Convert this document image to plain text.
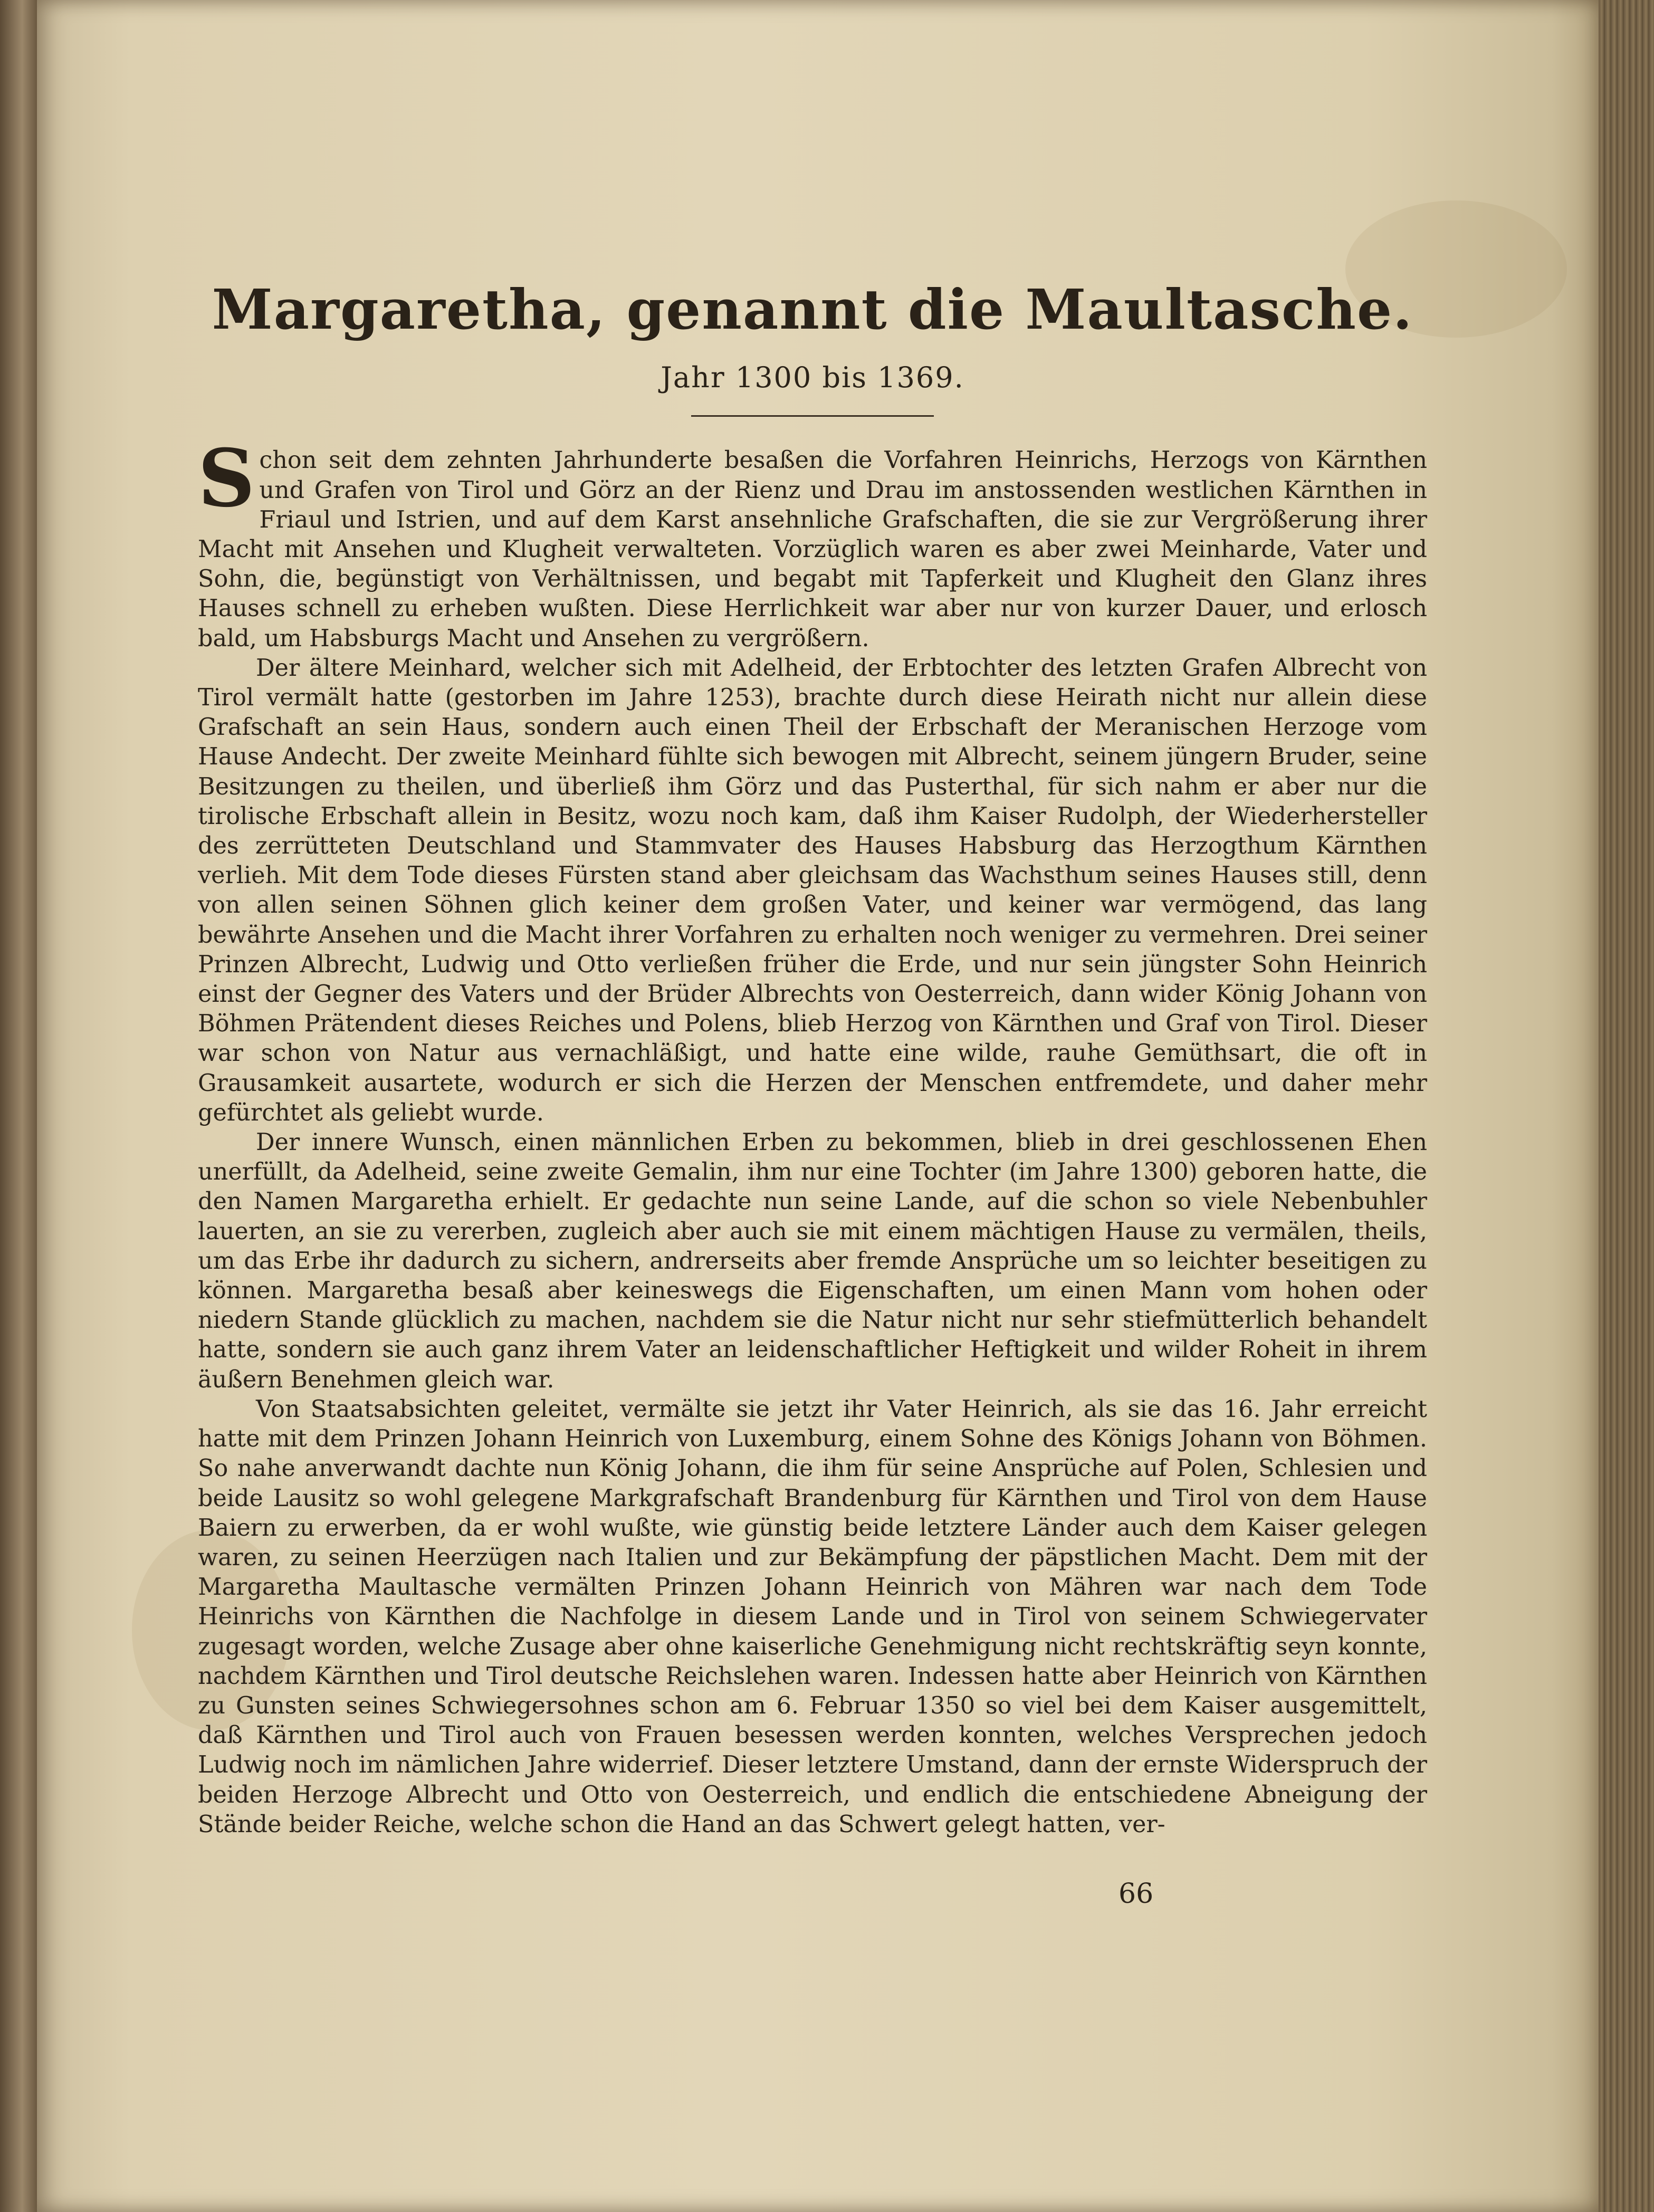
Margaretha, genannt die Maultasche.
Jahr 1300 bis 1369.

Schon seit dem zehnten Jahrhunderte besaßen die Vorfahren Heinrichs, Herzogs von Kärnthen und Grafen von Tirol und Görz an der Rienz und Drau im anstossenden westlichen Kärnthen in Friaul und Istrien, und auf dem Karst ansehnliche Grafschaften, die sie zur Vergrößerung ihrer Macht mit Ansehen und Klugheit verwalteten. Vorzüglich waren es aber zwei Meinharde, Vater und Sohn, die, begünstigt von Verhältnissen, und begabt mit Tapferkeit und Klugheit den Glanz ihres Hauses schnell zu erheben wußten. Diese Herrlichkeit war aber nur von kurzer Dauer, und erlosch bald, um Habsburgs Macht und Ansehen zu vergrößern.

Der ältere Meinhard, welcher sich mit Adelheid, der Erbtochter des letzten Grafen Albrecht von Tirol vermält hatte (gestorben im Jahre 1253), brachte durch diese Heirath nicht nur allein diese Grafschaft an sein Haus, sondern auch einen Theil der Erbschaft der Meranischen Herzoge vom Hause Andecht. Der zweite Meinhard fühlte sich bewogen mit Albrecht, seinem jüngern Bruder, seine Besitzungen zu theilen, und überließ ihm Görz und das Pusterthal, für sich nahm er aber nur die tirolische Erbschaft allein in Besitz, wozu noch kam, daß ihm Kaiser Rudolph, der Wiederhersteller des zerrütteten Deutschland und Stammvater des Hauses Habsburg das Herzogthum Kärnthen verlieh. Mit dem Tode dieses Fürsten stand aber gleichsam das Wachsthum seines Hauses still, denn von allen seinen Söhnen glich keiner dem großen Vater, und keiner war vermögend, das lang bewährte Ansehen und die Macht ihrer Vorfahren zu erhalten noch weniger zu vermehren. Drei seiner Prinzen Albrecht, Ludwig und Otto verließen früher die Erde, und nur sein jüngster Sohn Heinrich einst der Gegner des Vaters und der Brüder Albrechts von Oesterreich, dann wider König Johann von Böhmen Prätendent dieses Reiches und Polens, blieb Herzog von Kärnthen und Graf von Tirol. Dieser war schon von Natur aus vernachläßigt, und hatte eine wilde, rauhe Gemüthsart, die oft in Grausamkeit ausartete, wodurch er sich die Herzen der Menschen entfremdete, und daher mehr gefürchtet als geliebt wurde.

Der innere Wunsch, einen männlichen Erben zu bekommen, blieb in drei geschlossenen Ehen unerfüllt, da Adelheid, seine zweite Gemalin, ihm nur eine Tochter (im Jahre 1300) geboren hatte, die den Namen Margaretha erhielt. Er gedachte nun seine Lande, auf die schon so viele Nebenbuhler lauerten, an sie zu vererben, zugleich aber auch sie mit einem mächtigen Hause zu vermälen, theils, um das Erbe ihr dadurch zu sichern, andrerseits aber fremde Ansprüche um so leichter beseitigen zu können. Margaretha besaß aber keineswegs die Eigenschaften, um einen Mann vom hohen oder niedern Stande glücklich zu machen, nachdem sie die Natur nicht nur sehr stiefmütterlich behandelt hatte, sondern sie auch ganz ihrem Vater an leidenschaftlicher Heftigkeit und wilder Roheit in ihrem äußern Benehmen gleich war.

Von Staatsabsichten geleitet, vermälte sie jetzt ihr Vater Heinrich, als sie das 16. Jahr erreicht hatte mit dem Prinzen Johann Heinrich von Luxemburg, einem Sohne des Königs Johann von Böhmen. So nahe anverwandt dachte nun König Johann, die ihm für seine Ansprüche auf Polen, Schlesien und beide Lausitz so wohl gelegene Markgrafschaft Brandenburg für Kärnthen und Tirol von dem Hause Baiern zu erwerben, da er wohl wußte, wie günstig beide letztere Länder auch dem Kaiser gelegen waren, zu seinen Heerzügen nach Italien und zur Bekämpfung der päpstlichen Macht. Dem mit der Margaretha Maultasche vermälten Prinzen Johann Heinrich von Mähren war nach dem Tode Heinrichs von Kärnthen die Nachfolge in diesem Lande und in Tirol von seinem Schwiegervater zugesagt worden, welche Zusage aber ohne kaiserliche Genehmigung nicht rechtskräftig seyn konnte, nachdem Kärnthen und Tirol deutsche Reichslehen waren. Indessen hatte aber Heinrich von Kärnthen zu Gunsten seines Schwiegersohnes schon am 6. Februar 1350 so viel bei dem Kaiser ausgemittelt, daß Kärnthen und Tirol auch von Frauen besessen werden konnten, welches Versprechen jedoch Ludwig noch im nämlichen Jahre widerrief. Dieser letztere Umstand, dann der ernste Widerspruch der beiden Herzoge Albrecht und Otto von Oesterreich, und endlich die entschiedene Abneigung der Stände beider Reiche, welche schon die Hand an das Schwert gelegt hatten, ver-

66
